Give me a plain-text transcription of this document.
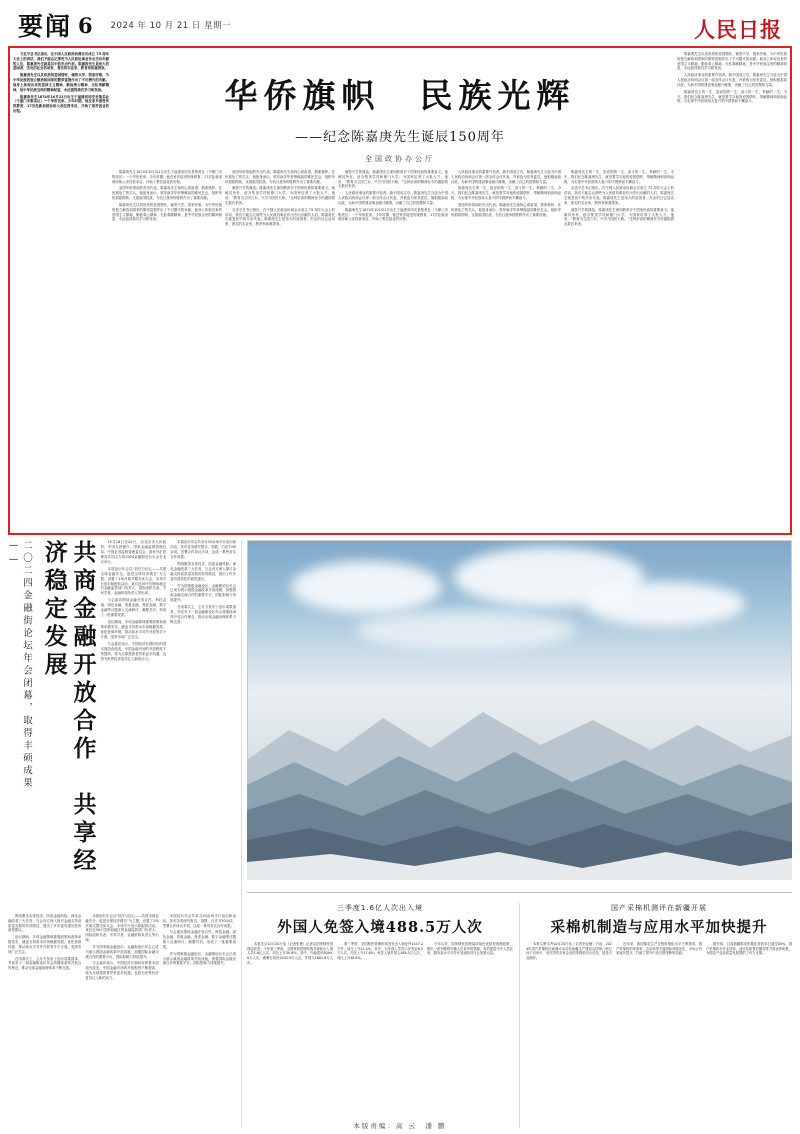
要闻 6 2024 年 10 月 21 日 星期一	人民日报

习近平总书记指出，在中国人民政治协商会议成立 75 周年大会上的讲话，我们不能忘记那些为人民政协事业作出杰出贡献的人们，陈嘉庚先生就是其中的杰出代表。陈嘉庚先生是伟大的爱国者、杰出的社会活动家、著名的实业家、教育家和慈善家。

陈嘉庚先生以其炽热的爱国情怀，倾资兴学、毁家纾难，为中华民族的独立解放和国家的繁荣富强作出了不可磨灭的贡献。他身上体现出来的爱国主义精神、勤俭奉公精神、无私奉献精神，是中华民族宝贵的精神财富，永远值得我们学习和发扬。

陈嘉庚先生1874年10月21日出生于福建省同安县集美社（今厦门市集美区）一个华侨世家。少年时期，他在家乡接受传统教育，17岁赴新加坡协助父亲经营米店，开始了艰苦创业的历程。

陈嘉庚先生1874年10月21日出生于福建省同安县集美社（今厦门市集美区）一个华侨世家。少年时期，他在家乡接受传统教育，17岁赴新加坡协助父亲经营米店，开始了艰苦创业的历程。

爱国华侨领袖的杰出代表。陈嘉庚先生始终心系祖国，情系桑梓。在民族危亡的关头，他挺身而出，领导南洋华侨筹赈祖国难民总会，组织华侨捐款捐物，支援祖国抗战，为抗日战争的胜利作出了重要贡献。

陈嘉庚先生以其炽热的爱国情怀，倾资兴学、毁家纾难，为中华民族的独立解放和国家的繁荣富强作出了不可磨灭的贡献。他身上体现出来的爱国主义精神、勤俭奉公精神、无私奉献精神，是中华民族宝贵的精神财富，永远值得我们学习和发扬。

爱国华侨领袖的杰出代表。陈嘉庚先生始终心系祖国，情系桑梓。在民族危亡的关头，他挺身而出，领导南洋华侨筹赈祖国难民总会，组织华侨捐款捐物，支援祖国抗战，为抗日战争的胜利作出了重要贡献。

倾资兴学的典范。陈嘉庚先生深知教育对于国家民族的重要意义。他倾其所有，创办集美学村和厦门大学，为国家培养了大批人才。他说：“教育为立国之本，兴学乃国民天职。”这种崇高的精神至今仍激励着无数后来者。

习近平总书记指出，在中国人民政治协商会议成立 75 周年大会上的讲话，我们不能忘记那些为人民政协事业作出杰出贡献的人们，陈嘉庚先生就是其中的杰出代表。陈嘉庚先生是伟大的爱国者、杰出的社会活动家、著名的实业家、教育家和慈善家。

倾资兴学的典范。陈嘉庚先生深知教育对于国家民族的重要意义。他倾其所有，创办集美学村和厦门大学，为国家培养了大批人才。他说：“教育为立国之本，兴学乃国民天职。”这种崇高的精神至今仍激励着无数后来者。

人民政协事业的重要开拓者。新中国成立后，陈嘉庚先生当选为中国人民政治协商会议第一届全体会议代表，并被选为常务委员。他积极参政议政，为新中国的建设事业献计献策，贡献了自己的智慧和力量。

陈嘉庚先生1874年10月21日出生于福建省同安县集美社（今厦门市集美区）一个华侨世家。少年时期，他在家乡接受传统教育，17岁赴新加坡协助父亲经营米店，开始了艰苦创业的历程。

人民政协事业的重要开拓者。新中国成立后，陈嘉庚先生当选为中国人民政治协商会议第一届全体会议代表，并被选为常务委员。他积极参政议政，为新中国的建设事业献计献策，贡献了自己的智慧和力量。

陈嘉庚先生的一生，是爱国的一生、奋斗的一生、奉献的一生。今天，我们纪念陈嘉庚先生，就是要学习他的爱国情怀、奉献精神和高尚品格，为实现中华民族伟大复兴的中国梦而不懈奋斗。

爱国华侨领袖的杰出代表。陈嘉庚先生始终心系祖国，情系桑梓。在民族危亡的关头，他挺身而出，领导南洋华侨筹赈祖国难民总会，组织华侨捐款捐物，支援祖国抗战，为抗日战争的胜利作出了重要贡献。

陈嘉庚先生的一生，是爱国的一生、奋斗的一生、奉献的一生。今天，我们纪念陈嘉庚先生，就是要学习他的爱国情怀、奉献精神和高尚品格，为实现中华民族伟大复兴的中国梦而不懈奋斗。

习近平总书记指出，在中国人民政治协商会议成立 75 周年大会上的讲话，我们不能忘记那些为人民政协事业作出杰出贡献的人们，陈嘉庚先生就是其中的杰出代表。陈嘉庚先生是伟大的爱国者、杰出的社会活动家、著名的实业家、教育家和慈善家。

倾资兴学的典范。陈嘉庚先生深知教育对于国家民族的重要意义。他倾其所有，创办集美学村和厦门大学，为国家培养了大批人才。他说：“教育为立国之本，兴学乃国民天职。”这种崇高的精神至今仍激励着无数后来者。

陈嘉庚先生以其炽热的爱国情怀，倾资兴学、毁家纾难，为中华民族的独立解放和国家的繁荣富强作出了不可磨灭的贡献。他身上体现出来的爱国主义精神、勤俭奉公精神、无私奉献精神，是中华民族宝贵的精神财富，永远值得我们学习和发扬。

人民政协事业的重要开拓者。新中国成立后，陈嘉庚先生当选为中国人民政治协商会议第一届全体会议代表，并被选为常务委员。他积极参政议政，为新中国的建设事业献计献策，贡献了自己的智慧和力量。

陈嘉庚先生的一生，是爱国的一生、奋斗的一生、奉献的一生。今天，我们纪念陈嘉庚先生，就是要学习他的爱国情怀、奉献精神和高尚品格，为实现中华民族伟大复兴的中国梦而不懈奋斗。

华侨旗帜　民族光辉
——纪念陈嘉庚先生诞辰150周年
全国政协办公厅
二〇二四金融街论坛年会闭幕，取得丰硕成果——	共商金融开放合作　共享经济稳定发展	10月18日至20日，由北京市人民政府、中国人民银行、国家金融监督管理总局、中国证券监督管理委员会、国家外汇管理局共同主办的2024金融街论坛年会在北京举行。

本届论坛年会以“信任与信心——共建全球金融安全，促进全球经济增长”为主题，设置了1场开幕式暨全体大会、多场平行论坛和配套活动，来自近30个国家和地区的金融监管部门负责人、国际组织代表、专家学者、金融机构负责人等出席。

与会嘉宾围绕金融开放合作、科技金融、绿色金融、普惠金融、养老金融、数字金融等议题深入交流研讨，凝聚共识，形成了一批重要成果。

论坛期间，多项金融领域重要政策和改革举措发布，涵盖支持资本市场稳健发展、优化营商环境、推动高水平对外开放等多个方面，受到市场广泛关注。

与会嘉宾表示，中国经济长期向好的基本面没有改变，中国金融市场的开放程度不断提高，将为全球投资者带来更多机遇，也将为世界经济复苏注入新的动力。

本届论坛年会共举办20余场平行论坛和活动，发布各类研究报告、指数、白皮书30余项，签署合作协议多项，达成一系列务实合作成果。

围绕服务实体经济、防范金融风险、深化金融改革三大任务，与会各方深入探讨金融支持高质量发展的有效路径，提出了许多富有建设性的意见建议。

作为国家级金融论坛，金融街论坛年会已成为展示我国金融改革开放成就、加强国际金融交流合作的重要平台，国际影响力持续提升。

在闭幕式上，主办方发布了论坛成果清单，并宣布下一届金融街论坛年会将继续秉持开放合作理念，推动全球金融治理体系不断完善。

围绕服务实体经济、防范金融风险、深化金融改革三大任务，与会各方深入探讨金融支持高质量发展的有效路径，提出了许多富有建设性的意见建议。

论坛期间，多项金融领域重要政策和改革举措发布，涵盖支持资本市场稳健发展、优化营商环境、推动高水平对外开放等多个方面，受到市场广泛关注。

在闭幕式上，主办方发布了论坛成果清单，并宣布下一届金融街论坛年会将继续秉持开放合作理念，推动全球金融治理体系不断完善。

本届论坛年会以“信任与信心——共建全球金融安全，促进全球经济增长”为主题，设置了1场开幕式暨全体大会、多场平行论坛和配套活动，来自近30个国家和地区的金融监管部门负责人、国际组织代表、专家学者、金融机构负责人等出席。

作为国家级金融论坛，金融街论坛年会已成为展示我国金融改革开放成就、加强国际金融交流合作的重要平台，国际影响力持续提升。

与会嘉宾表示，中国经济长期向好的基本面没有改变，中国金融市场的开放程度不断提高，将为全球投资者带来更多机遇，也将为世界经济复苏注入新的动力。

本届论坛年会共举办20余场平行论坛和活动，发布各类研究报告、指数、白皮书30余项，签署合作协议多项，达成一系列务实合作成果。

与会嘉宾围绕金融开放合作、科技金融、绿色金融、普惠金融、养老金融、数字金融等议题深入交流研讨，凝聚共识，形成了一批重要成果。

作为国家级金融论坛，金融街论坛年会已成为展示我国金融改革开放成就、加强国际金融交流合作的重要平台，国际影响力持续提升。

三季度1.6亿人次出入境
外国人免签入境488.5万人次

本报北京10月20日电（记者张璁）记者从国家移民管理局获悉：今年第三季度，全国移民管理机构共查验出入境人员1.6亿人次，同比上升30.6%。其中，内地居民8094.8万人次，港澳台居民5443.9万人次，外国人1601.8万人次。

第三季度，全国移民管理机构签发出入境证件1447.2万件，同比上升22.4%。其中，为外国人签发口岸签证8.5万人次，同比上升17.6%。免签入境外国人488.5万人次，同比上升48.8%。

今年以来，国家移民管理局持续优化移民管理政策，推出一系列便利外籍人员来华的措施，有效促进中外人员往来，服务高水平对外开放和经济社会发展大局。

国产采棉机测评在新疆开展
采棉机制造与应用水平加快提升

本报乌鲁木齐10月20日电（记者李亚楠）日前，2024年国产采棉机田间测评活动在新疆生产建设兵团第八师石河子市举行，来自国内多家企业的采棉机同台竞技，接受专业测评。

近年来，我国棉花生产全程机械化水平不断提高，国产采棉机的采净率、含杂率等关键指标持续优化，市场占有率逐年提升，打破了国外产品长期垄断的局面。

据介绍，目前新疆棉花机械化采收率已超过85%，国产采棉机在作业效率、适应性和售后服务等方面优势明显，为棉花产业高质量发展提供了有力支撑。

本版责编：高 云　潘 鹏
